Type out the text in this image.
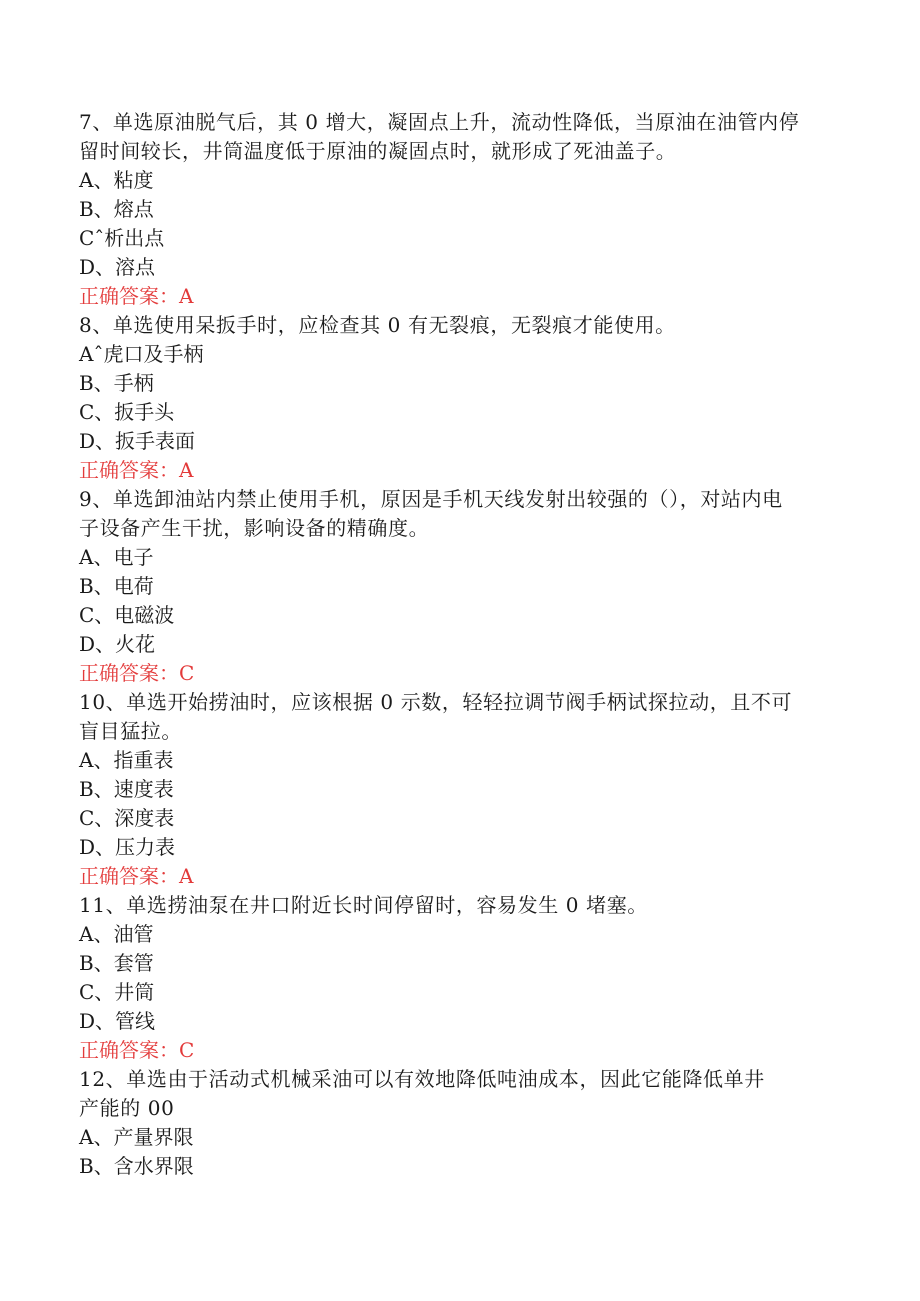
7、单选原油脱气后，其 0 增大，凝固点上升，流动性降低，当原油在油管内停
留时间较长，井筒温度低于原油的凝固点时，就形成了死油盖子。
A、粘度
B、熔点
Cˆ析出点
D、溶点
正确答案：A
8、单选使用呆扳手时，应检查其 0 有无裂痕，无裂痕才能使用。
Aˆ虎口及手柄
B、手柄
C、扳手头
D、扳手表面
正确答案：A
9、单选卸油站内禁止使用手机，原因是手机天线发射出较强的（），对站内电
子设备产生干扰，影响设备的精确度。
A、电子
B、电荷
C、电磁波
D、火花
正确答案：C
10、单选开始捞油时，应该根据 0 示数，轻轻拉调节阀手柄试探拉动，且不可
盲目猛拉。
A、指重表
B、速度表
C、深度表
D、压力表
正确答案：A
11、单选捞油泵在井口附近长时间停留时，容易发生 0 堵塞。
A、油管
B、套管
C、井筒
D、管线
正确答案：C
12、单选由于活动式机械采油可以有效地降低吨油成本，因此它能降低单井
产能的 00
A、产量界限
B、含水界限
